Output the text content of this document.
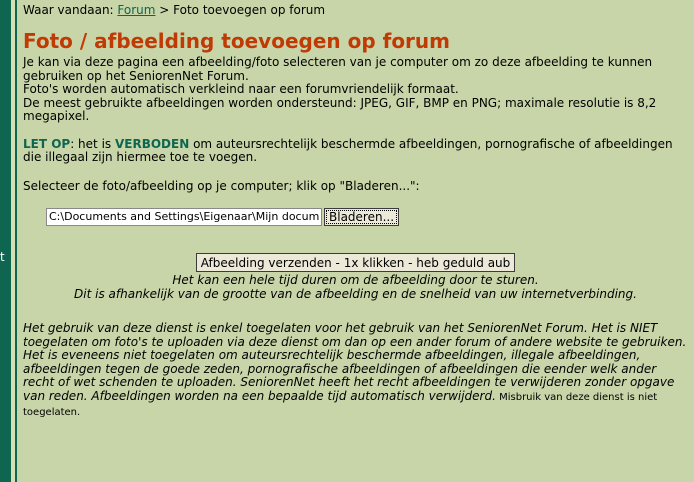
t
Waar vandaan: Forum > Foto toevoegen op forum
Foto / afbeelding toevoegen op forum

Je kan via deze pagina een afbeelding/foto selecteren van je computer om zo deze afbeelding te kunnen gebruiken op het SeniorenNet Forum.
Foto's worden automatisch verkleind naar een forumvriendelijk formaat.
De meest gebruikte afbeeldingen worden ondersteund: JPEG, GIF, BMP en PNG; maximale resolutie is 8,2 megapixel.

LET OP: het is VERBODEN om auteursrechtelijk beschermde afbeeldingen, pornografische of afbeeldingen die illegaal zijn hiermee toe te voegen.

Selecteer de foto/afbeelding op je computer; klik op "Bladeren...":

C:\Documents and Settings\Eigenaar\Mijn docum Bladeren...
Afbeelding verzenden - 1x klikken - heb geduld aub

Het kan een hele tijd duren om de afbeelding door te sturen.
Dit is afhankelijk van de grootte van de afbeelding en de snelheid van uw internetverbinding.

Het gebruik van deze dienst is enkel toegelaten voor het gebruik van het SeniorenNet Forum. Het is NIET toegelaten om foto's te uploaden via deze dienst om dan op een ander forum of andere website te gebruiken. Het is eveneens niet toegelaten om auteursrechtelijk beschermde afbeeldingen, illegale afbeeldingen, afbeeldingen tegen de goede zeden, pornografische afbeeldingen of afbeeldingen die eender welk ander recht of wet schenden te uploaden. SeniorenNet heeft het recht afbeeldingen te verwijderen zonder opgave van reden. Afbeeldingen worden na een bepaalde tijd automatisch verwijderd. Misbruik van deze dienst is niet toegelaten.
